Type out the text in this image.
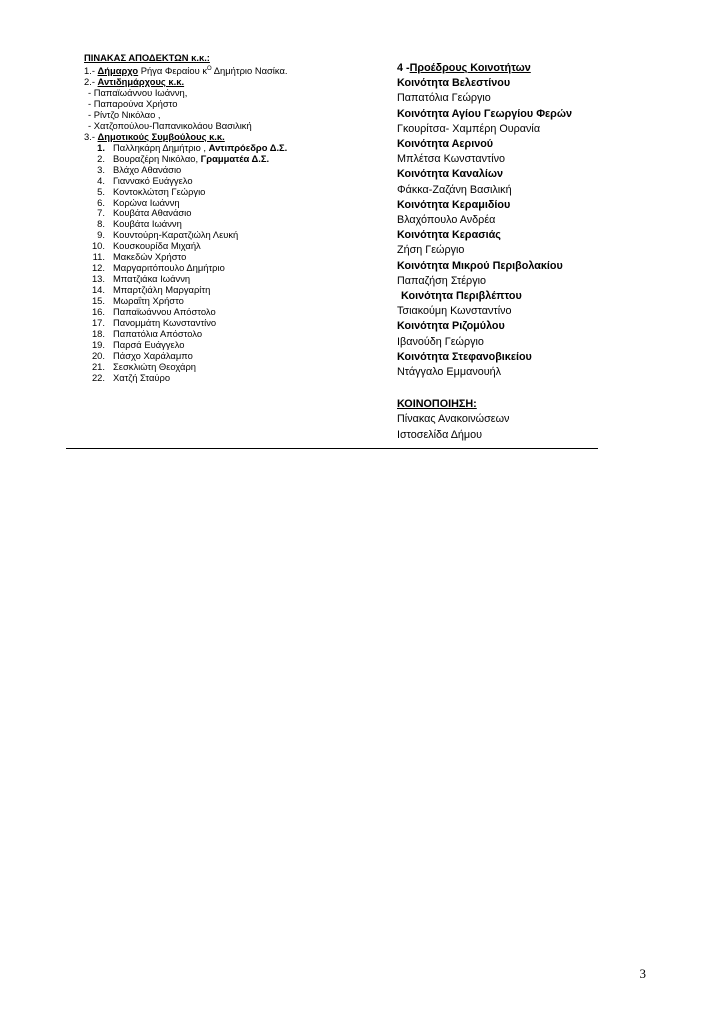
ΠΙΝΑΚΑΣ ΑΠΟΔΕΚΤΩΝ κ.κ.:
1.- Δήμαρχο Ρήγα Φεραίου $\kappa^O$ Δημήτριο Νασίκα.
2.- Αντιδημάρχους κ.κ.
- Παπαϊωάννου Ιωάννη,
- Παπαρούνα Χρήστο
- Ρίντζο Νικόλαο ,
- Χατζοπούλου-Παπανικολάου Βασιλική
3.- Δημοτικούς Συμβούλους κ.κ.
1. Παλληκάρη Δημήτριο , Αντιπρόεδρο Δ.Σ.
2. Βουραζέρη Νικόλαο, Γραμματέα Δ.Σ.
3. Βλάχο Αθανάσιο
4. Γιαννακό Ευάγγελο
5. Κοντοκλώτση Γεώργιο
6. Κορώνα Ιωάννη
7. Κουβάτα Αθανάσιο
8. Κουβάτα Ιωάννη
9. Κουντούρη-Καρατζιώλη Λευκή
10. Κουσκουρίδα Μιχαήλ
11. Μακεδών Χρήστο
12. Μαργαριτόπουλο Δημήτριο
13. Μπατζιάκα Ιωάννη
14. Μπαρτζιάλη Μαργαρίτη
15. Μωραΐτη Χρήστο
16. Παπαϊωάννου Απόστολο
17. Πανομμάτη Κωνσταντίνο
18. Παπατόλια Απόστολο
19. Παρσά Ευάγγελο
20. Πάσχο Χαράλαμπο
21. Σεσκλιώτη Θεοχάρη
22. Χατζή Σταύρο
4 -Προέδρους Κοινοτήτων
Κοινότητα Βελεστίνου
Παπατόλια Γεώργιο
Κοινότητα Αγίου Γεωργίου Φερών
Γκουρίτσα- Χαμπέρη Ουρανία
Κοινότητα Αερινού
Μπλέτσα Κωνσταντίνο
Κοινότητα Καναλίων
Φάκκα-Ζαζάνη Βασιλική
Κοινότητα Κεραμιδίου
Βλαχόπουλο Ανδρέα
Κοινότητα Κερασιάς
Ζήση Γεώργιο
Κοινότητα Μικρού Περιβολακίου
Παπαζήση Στέργιο
Κοινότητα Περιβλέπτου
Τσιακούμη Κωνσταντίνο
Κοινότητα Ριζομύλου
Ιβανούδη Γεώργιο
Κοινότητα Στεφανοβικείου
Ντάγγαλο Εμμανουήλ
ΚΟΙΝΟΠΟΙΗΣΗ:
Πίνακας Ανακοινώσεων
Ιστοσελίδα Δήμου
3
